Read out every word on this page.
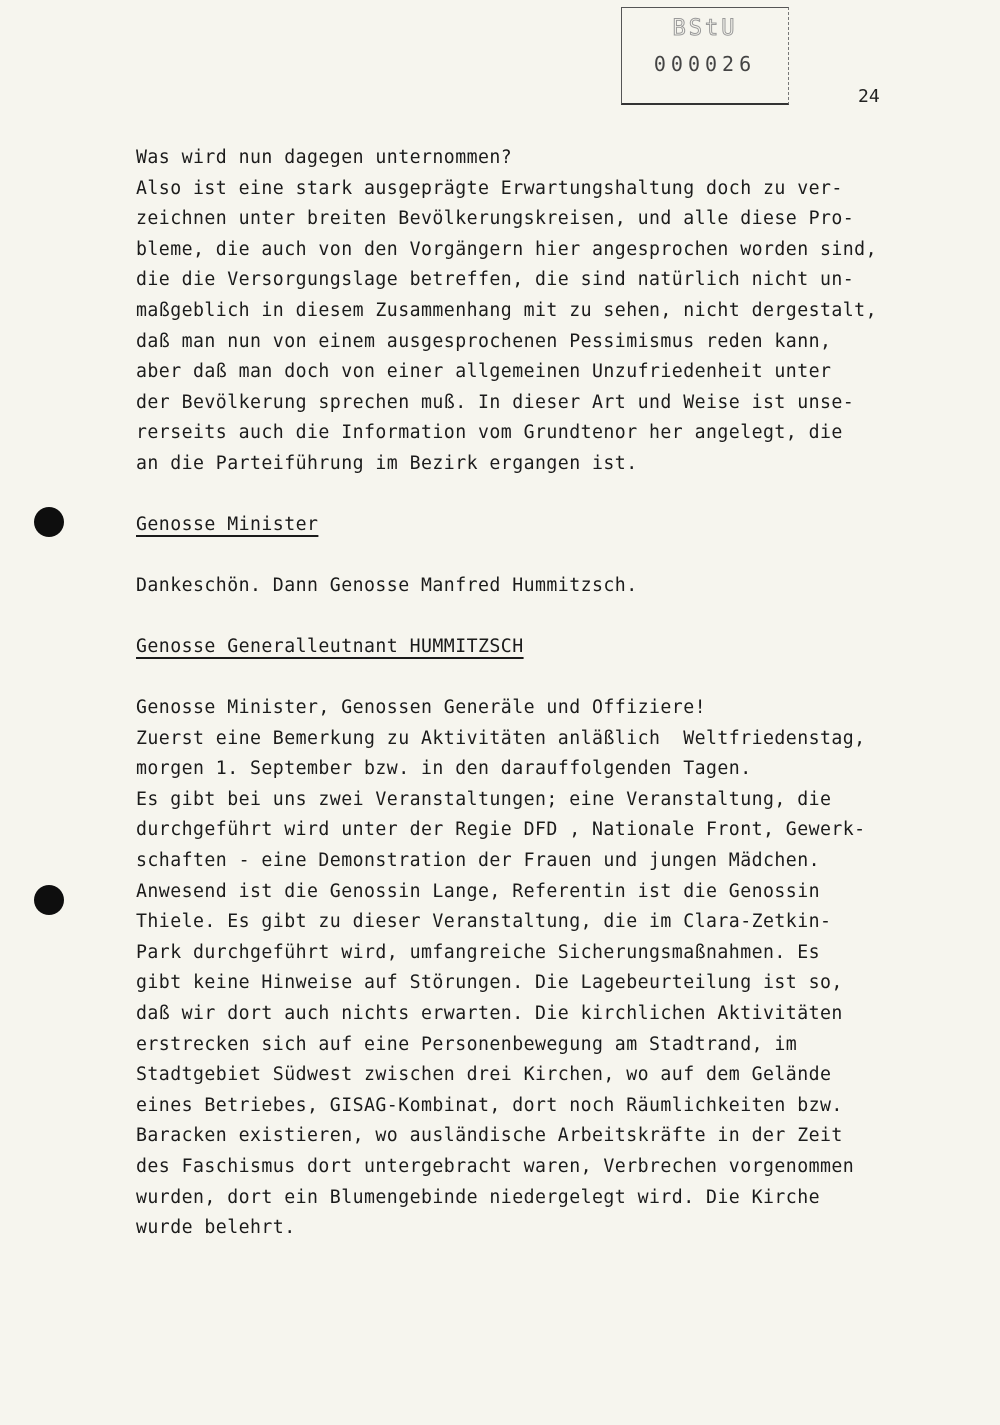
BStU
000026
24
Was wird nun dagegen unternommen?
Also ist eine stark ausgeprägte Erwartungshaltung doch zu ver-
zeichnen unter breiten Bevölkerungskreisen, und alle diese Pro-
bleme, die auch von den Vorgängern hier angesprochen worden sind,
die die Versorgungslage betreffen, die sind natürlich nicht un-
maßgeblich in diesem Zusammenhang mit zu sehen, nicht dergestalt,
daß man nun von einem ausgesprochenen Pessimismus reden kann,
aber daß man doch von einer allgemeinen Unzufriedenheit unter
der Bevölkerung sprechen muß. In dieser Art und Weise ist unse-
rerseits auch die Information vom Grundtenor her angelegt, die
an die Parteiführung im Bezirk ergangen ist.
Genosse Minister
Dankeschön. Dann Genosse Manfred Hummitzsch.
Genosse Generalleutnant HUMMITZSCH
Genosse Minister, Genossen Generäle und Offiziere!
Zuerst eine Bemerkung zu Aktivitäten anläßlich  Weltfriedenstag,
morgen 1. September bzw. in den darauffolgenden Tagen.
Es gibt bei uns zwei Veranstaltungen; eine Veranstaltung, die
durchgeführt wird unter der Regie DFD , Nationale Front, Gewerk-
schaften - eine Demonstration der Frauen und jungen Mädchen.
Anwesend ist die Genossin Lange, Referentin ist die Genossin
Thiele. Es gibt zu dieser Veranstaltung, die im Clara-Zetkin-
Park durchgeführt wird, umfangreiche Sicherungsmaßnahmen. Es
gibt keine Hinweise auf Störungen. Die Lagebeurteilung ist so,
daß wir dort auch nichts erwarten. Die kirchlichen Aktivitäten
erstrecken sich auf eine Personenbewegung am Stadtrand, im
Stadtgebiet Südwest zwischen drei Kirchen, wo auf dem Gelände
eines Betriebes, GISAG-Kombinat, dort noch Räumlichkeiten bzw.
Baracken existieren, wo ausländische Arbeitskräfte in der Zeit
des Faschismus dort untergebracht waren, Verbrechen vorgenommen
wurden, dort ein Blumengebinde niedergelegt wird. Die Kirche
wurde belehrt.
